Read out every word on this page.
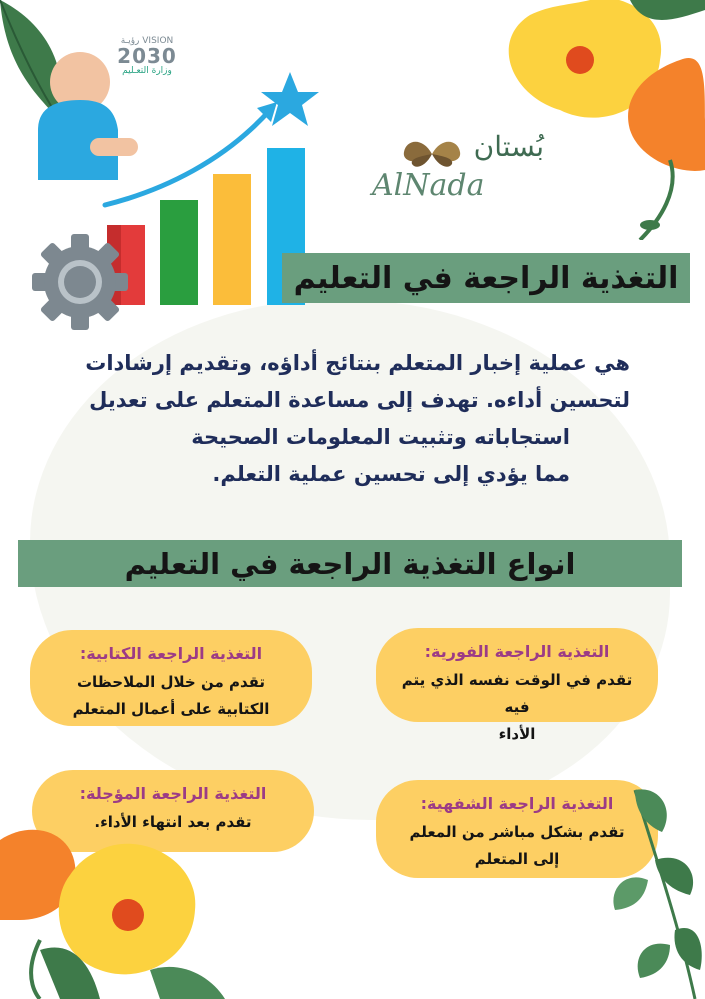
VISION رؤيـة
2030
وزارة التعـليم
بُستان
AlNada
التغذية الراجعة في التعليم
هي عملية إخبار المتعلم بنتائج أداؤه، وتقديم إرشادات
لتحسين أداءه. تهدف إلى مساعدة المتعلم على تعديل
استجاباته وتثبيت المعلومات الصحيحة
مما يؤدي إلى تحسين عملية التعلم.
انواع التغذية الراجعة في التعليم
التغذية الراجعة الفورية:
تقدم في الوقت نفسه الذي يتم فيه
الأداء
التغذية الراجعة الكتابية:
تقدم من خلال الملاحظات
الكتابية على أعمال المتعلم
التغذية الراجعة الشفهية:
تقدم بشكل مباشر من المعلم
إلى المتعلم
التغذية الراجعة المؤجلة:
تقدم بعد انتهاء الأداء.
